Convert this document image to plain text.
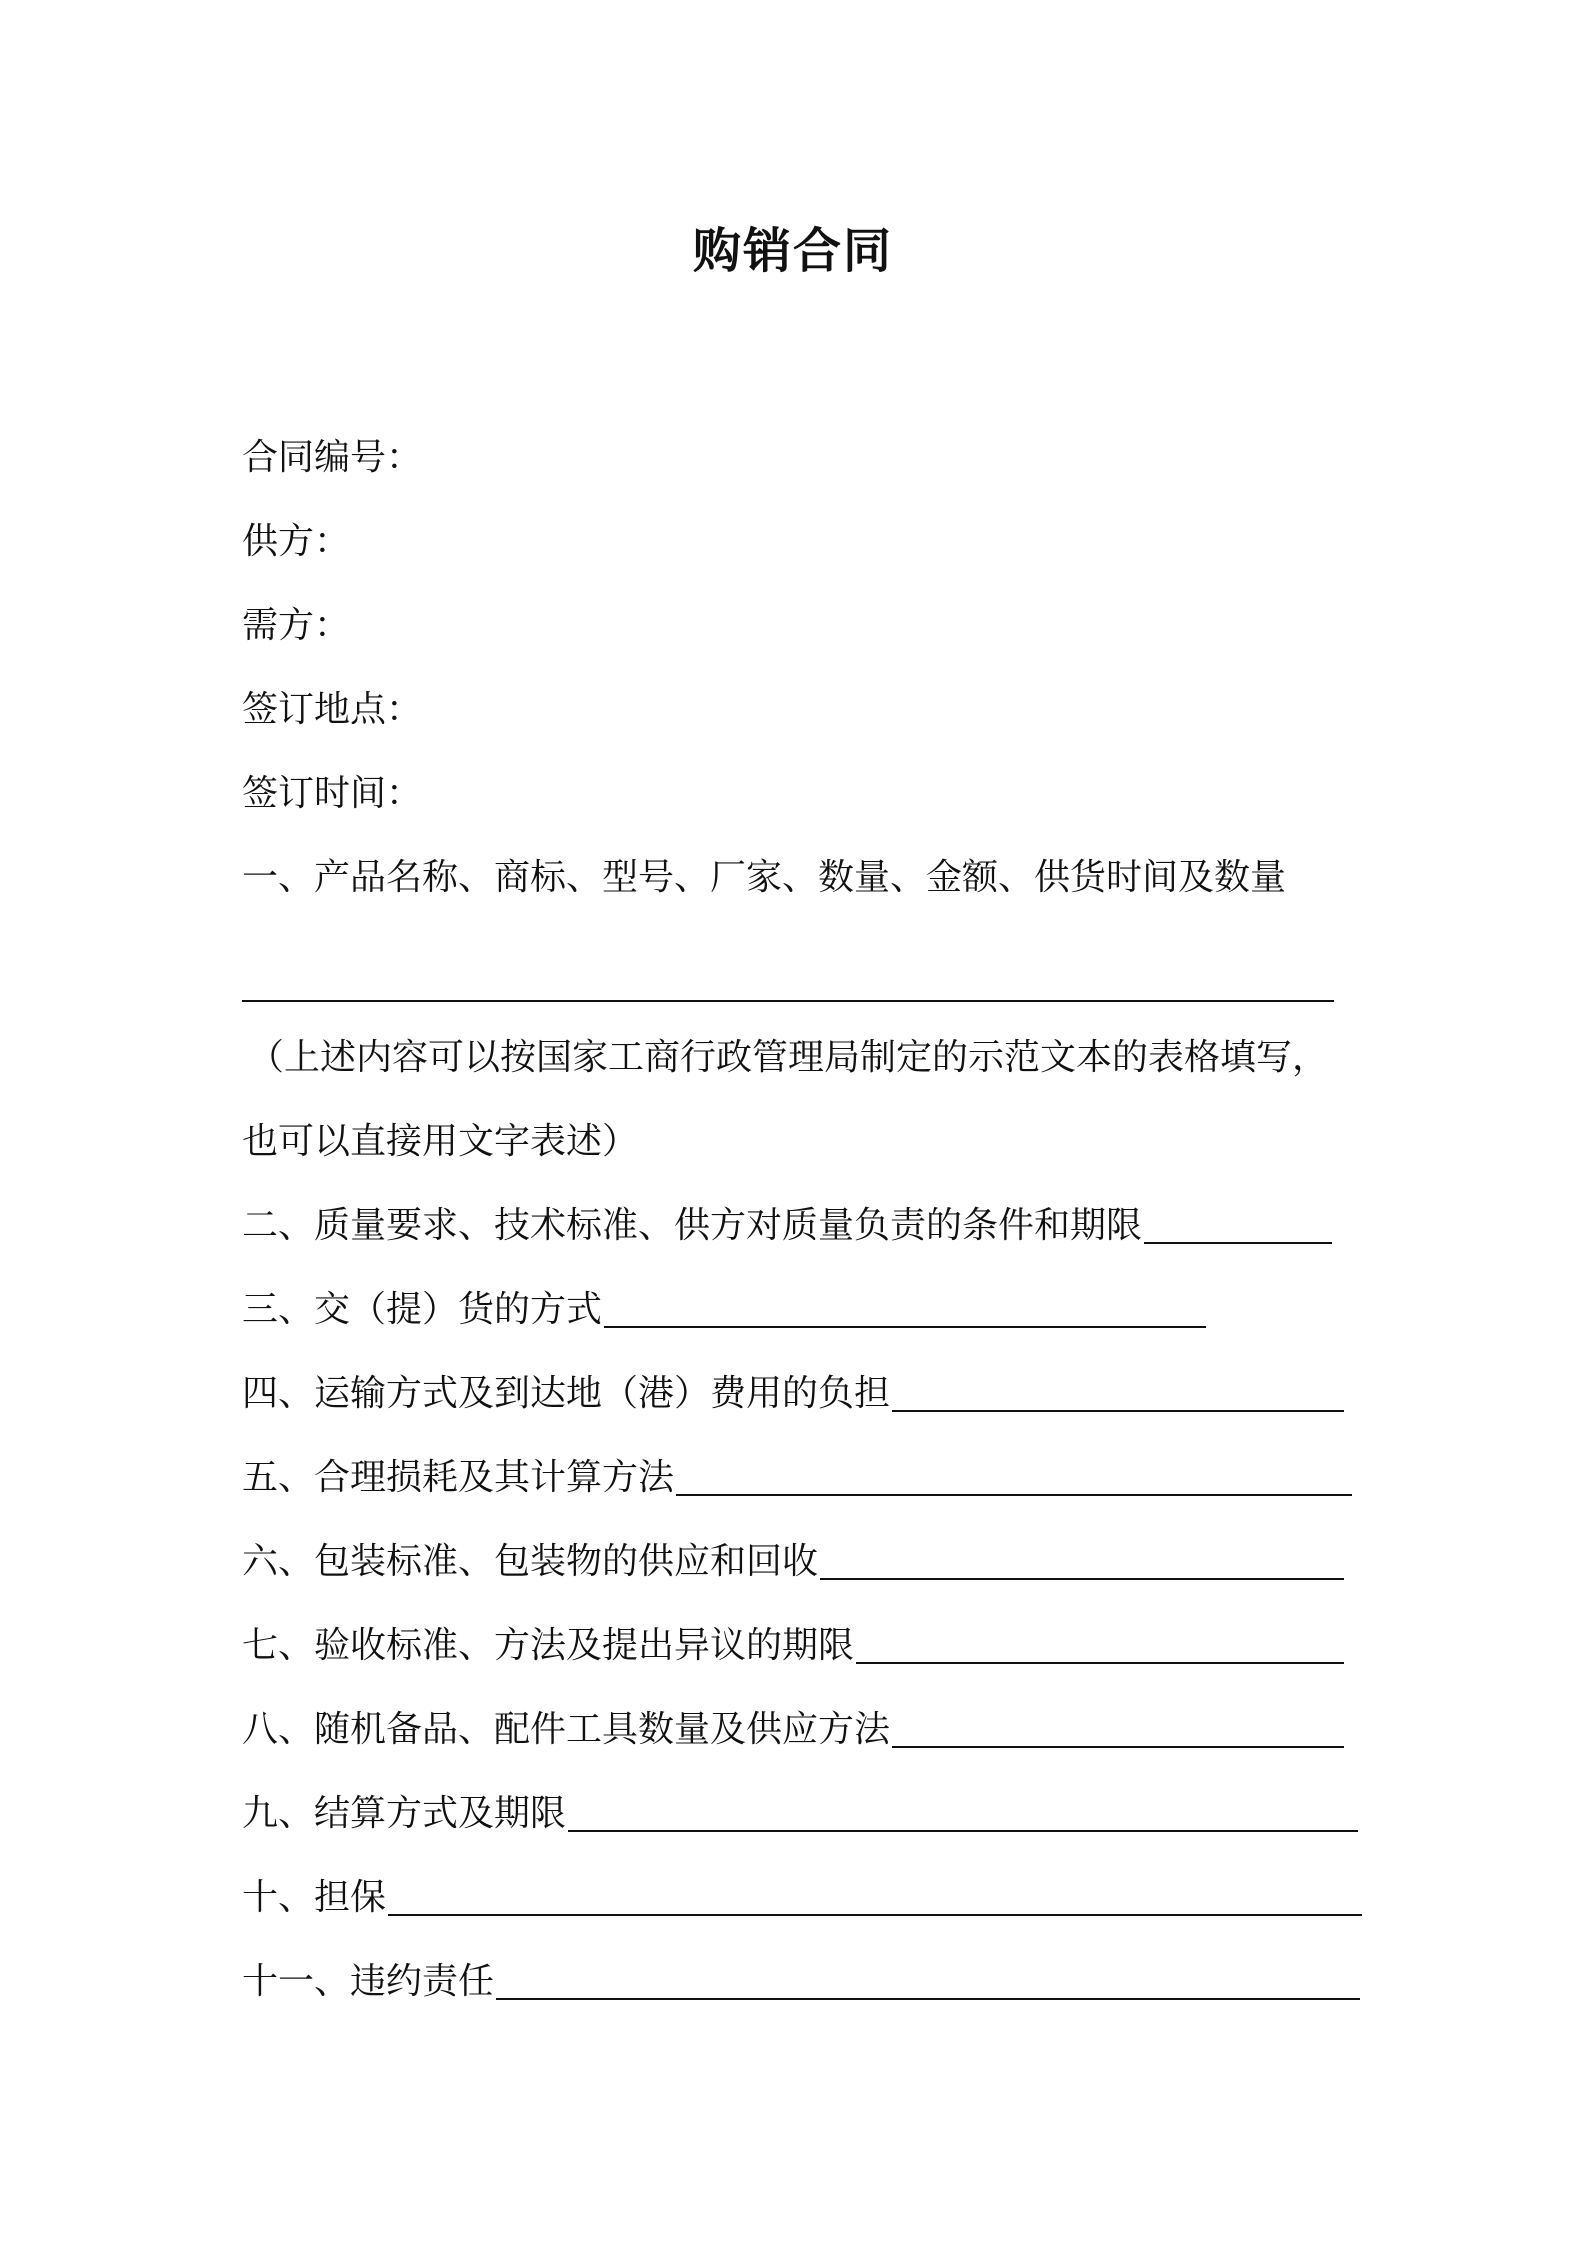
购销合同
合同编号：
供方：
需方：
签订地点：
签订时间：
一、产品名称、商标、型号、厂家、数量、金额、供货时间及数量
（上述内容可以按国家工商行政管理局制定的示范文本的表格填写，
也可以直接用文字表述）
二、质量要求、技术标准、供方对质量负责的条件和期限
三、交（提）货的方式
四、运输方式及到达地（港）费用的负担
五、合理损耗及其计算方法
六、包装标准、包装物的供应和回收
七、验收标准、方法及提出异议的期限
八、随机备品、配件工具数量及供应方法
九、结算方式及期限
十、担保
十一、违约责任
